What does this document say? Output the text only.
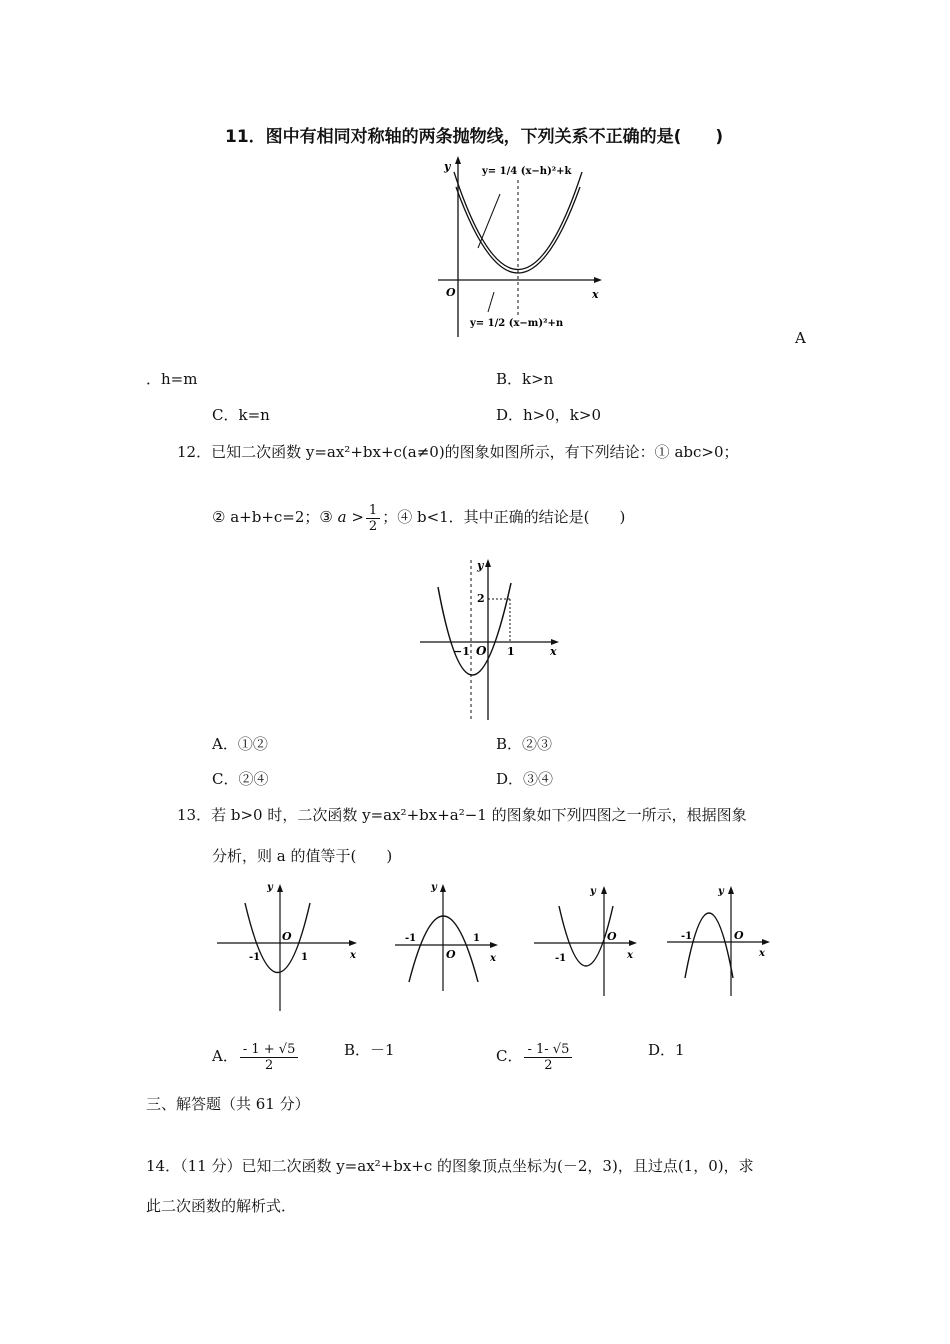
11．图中有相同对称轴的两条抛物线，下列关系不正确的是(　　)
y
x
O
y= 1/4 (x−h)²+k
y= 1/2 (x−m)²+n
A
．h=m	B．k>n
C．k=n	D．h>0，k>0
12．已知二次函数 y=ax²+bx+c(a≠0)的图象如图所示，有下列结论：① abc>0；
② a+b+c=2；③ $a > \frac{1}{2}$ ；④ b<1．其中正确的结论是(　　)
y
x
O
2
−1	1
A．①②	B．②③
C．②④	D．③④
13．若 b>0 时，二次函数 y=ax²+bx+a²−1 的图象如下列四图之一所示，根据图象
分析，则 a 的值等于(　　)
y
x
O
-1	1
y
x
O
-1	1
y
x
O
-1
y
x
O
-1
A． $\frac{- 1 + √5}{2}$	B．－1	C． $\frac{- 1- √5}{2}$	D．1
三、解答题（共 61 分）
14．（11 分）已知二次函数 y=ax²+bx+c 的图象顶点坐标为(－2，3)，且过点(1，0)，求
此二次函数的解析式．
